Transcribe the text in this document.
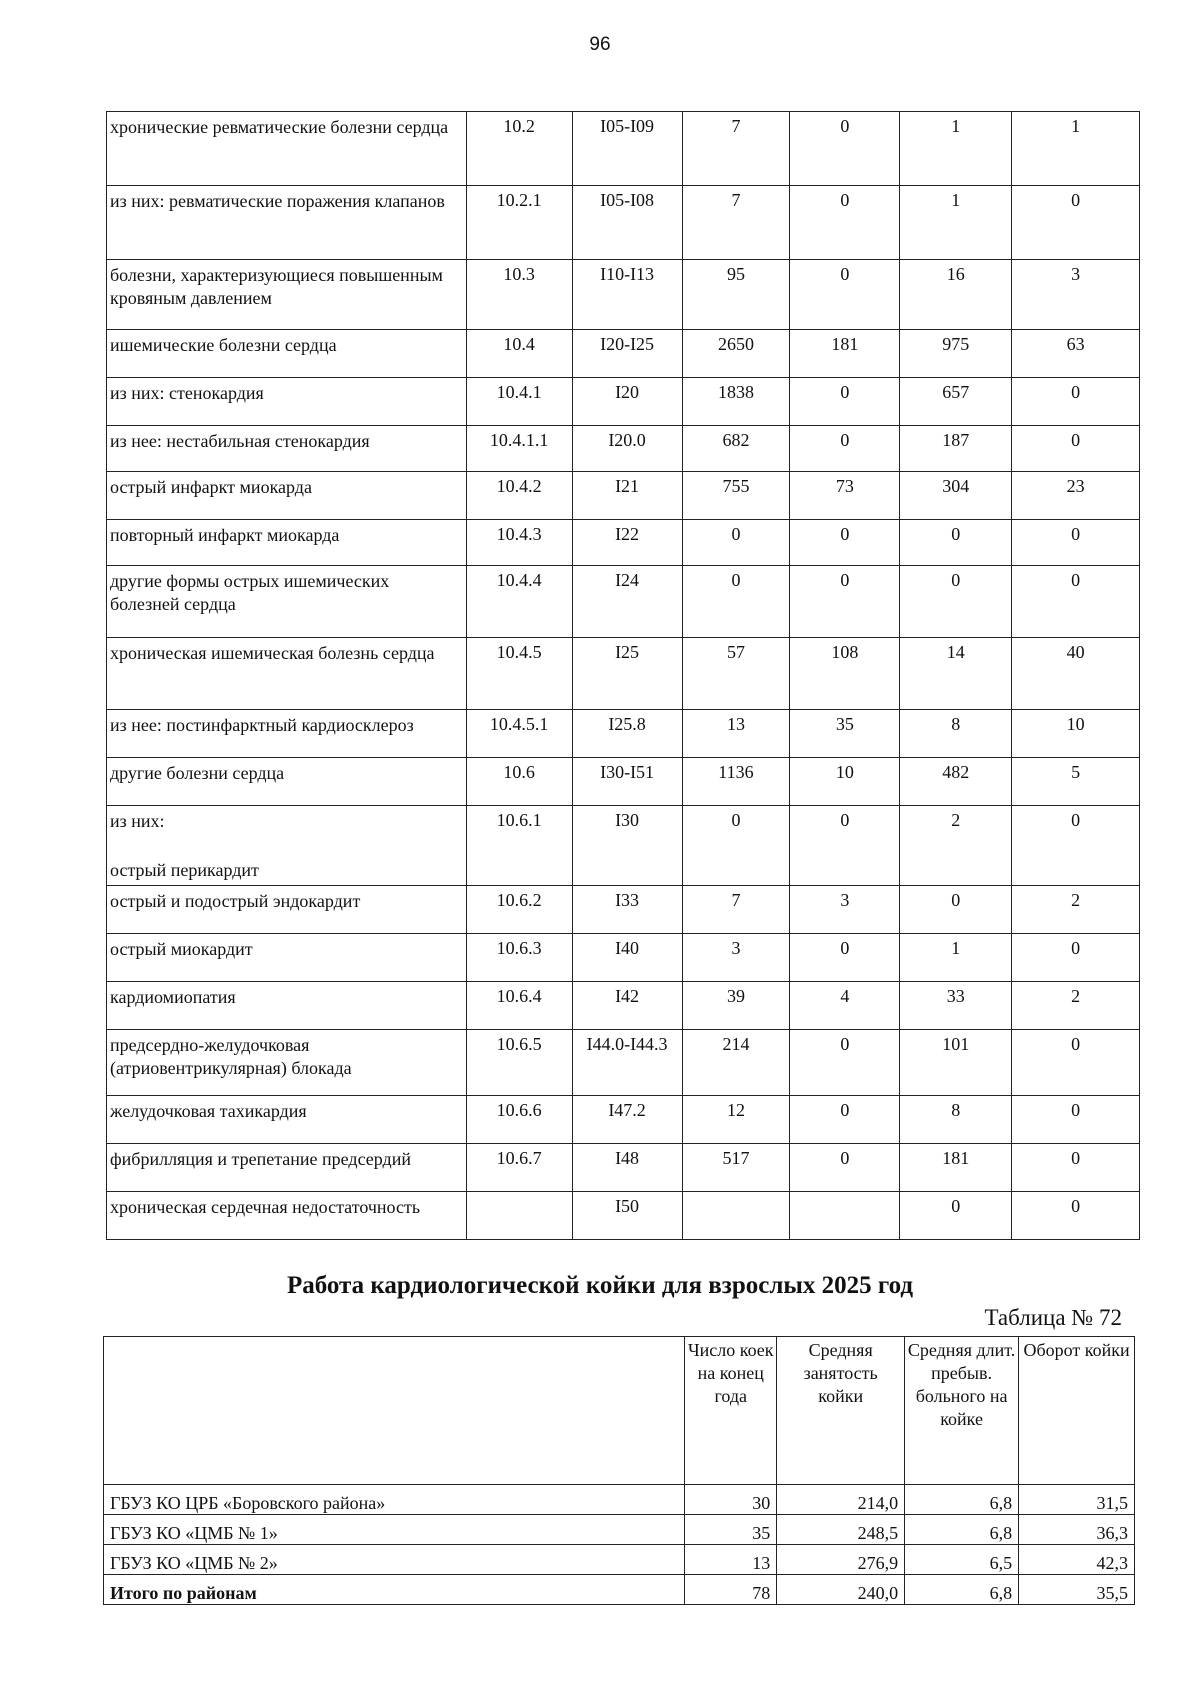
96
хронические ревматические болезни сердца	10.2	I05-I09	7	0	1	1
из них: ревматические поражения клапанов	10.2.1	I05-I08	7	0	1	0
болезни, характеризующиеся повышенным кровяным давлением	10.3	I10-I13	95	0	16	3
ишемические болезни сердца	10.4	I20-I25	2650	181	975	63
из них: стенокардия	10.4.1	I20	1838	0	657	0
из нее: нестабильная стенокардия	10.4.1.1	I20.0	682	0	187	0
острый инфаркт миокарда	10.4.2	I21	755	73	304	23
повторный инфаркт миокарда	10.4.3	I22	0	0	0	0
другие формы острых ишемических болезней сердца	10.4.4	I24	0	0	0	0
хроническая ишемическая болезнь сердца	10.4.5	I25	57	108	14	40
из нее: постинфарктный кардиосклероз	10.4.5.1	I25.8	13	35	8	10
другие болезни сердца	10.6	I30-I51	1136	10	482	5

из них:
острый перикардит	10.6.1	I30	0	0	2	0
острый и подострый эндокардит	10.6.2	I33	7	3	0	2
острый миокардит	10.6.3	I40	3	0	1	0
кардиомиопатия	10.6.4	I42	39	4	33	2
предсердно-желудочковая (атриовентрикулярная) блокада	10.6.5	I44.0-I44.3	214	0	101	0
желудочковая тахикардия	10.6.6	I47.2	12	0	8	0
фибрилляция и трепетание предсердий	10.6.7	I48	517	0	181	0
хроническая сердечная недостаточность		I50			0	0
Работа кардиологической койки для взрослых 2025 год
Таблица № 72
	Число коек на конец года	Средняя занятость койки	Средняя длит. пребыв. больного на койке	Оборот койки
ГБУЗ КО ЦРБ «Боровского района»	30	214,0	6,8	31,5
ГБУЗ КО «ЦМБ № 1»	35	248,5	6,8	36,3
ГБУЗ КО «ЦМБ № 2»	13	276,9	6,5	42,3
Итого по районам	78	240,0	6,8	35,5
